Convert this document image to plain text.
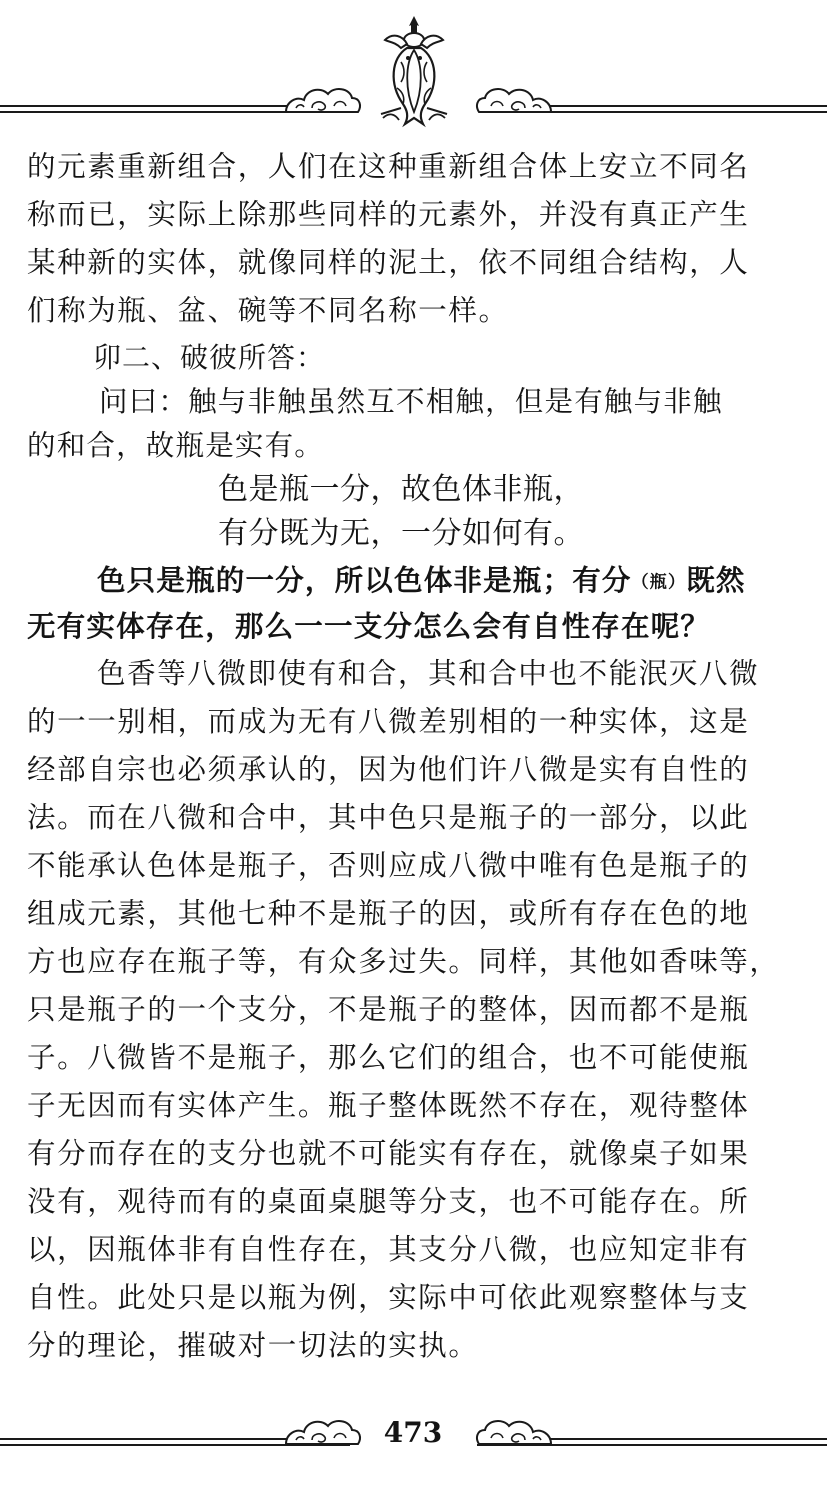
的元素重新组合，人们在这种重新组合体上安立不同名
称而已，实际上除那些同样的元素外，并没有真正产生
某种新的实体，就像同样的泥土，依不同组合结构，人
们称为瓶、盆、碗等不同名称一样。
卯二、破彼所答：
问曰：触与非触虽然互不相触，但是有触与非触
的和合，故瓶是实有。
色是瓶一分，故色体非瓶，
有分既为无，一分如何有。
色只是瓶的一分，所以色体非是瓶；有分（瓶）既然
无有实体存在，那么一一支分怎么会有自性存在呢？
色香等八微即使有和合，其和合中也不能泯灭八微
的一一别相，而成为无有八微差别相的一种实体，这是
经部自宗也必须承认的，因为他们许八微是实有自性的
法。而在八微和合中，其中色只是瓶子的一部分，以此
不能承认色体是瓶子，否则应成八微中唯有色是瓶子的
组成元素，其他七种不是瓶子的因，或所有存在色的地
方也应存在瓶子等，有众多过失。同样，其他如香味等，
只是瓶子的一个支分，不是瓶子的整体，因而都不是瓶
子。八微皆不是瓶子，那么它们的组合，也不可能使瓶
子无因而有实体产生。瓶子整体既然不存在，观待整体
有分而存在的支分也就不可能实有存在，就像桌子如果
没有，观待而有的桌面桌腿等分支，也不可能存在。所
以，因瓶体非有自性存在，其支分八微，也应知定非有
自性。此处只是以瓶为例，实际中可依此观察整体与支
分的理论，摧破对一切法的实执。
473
